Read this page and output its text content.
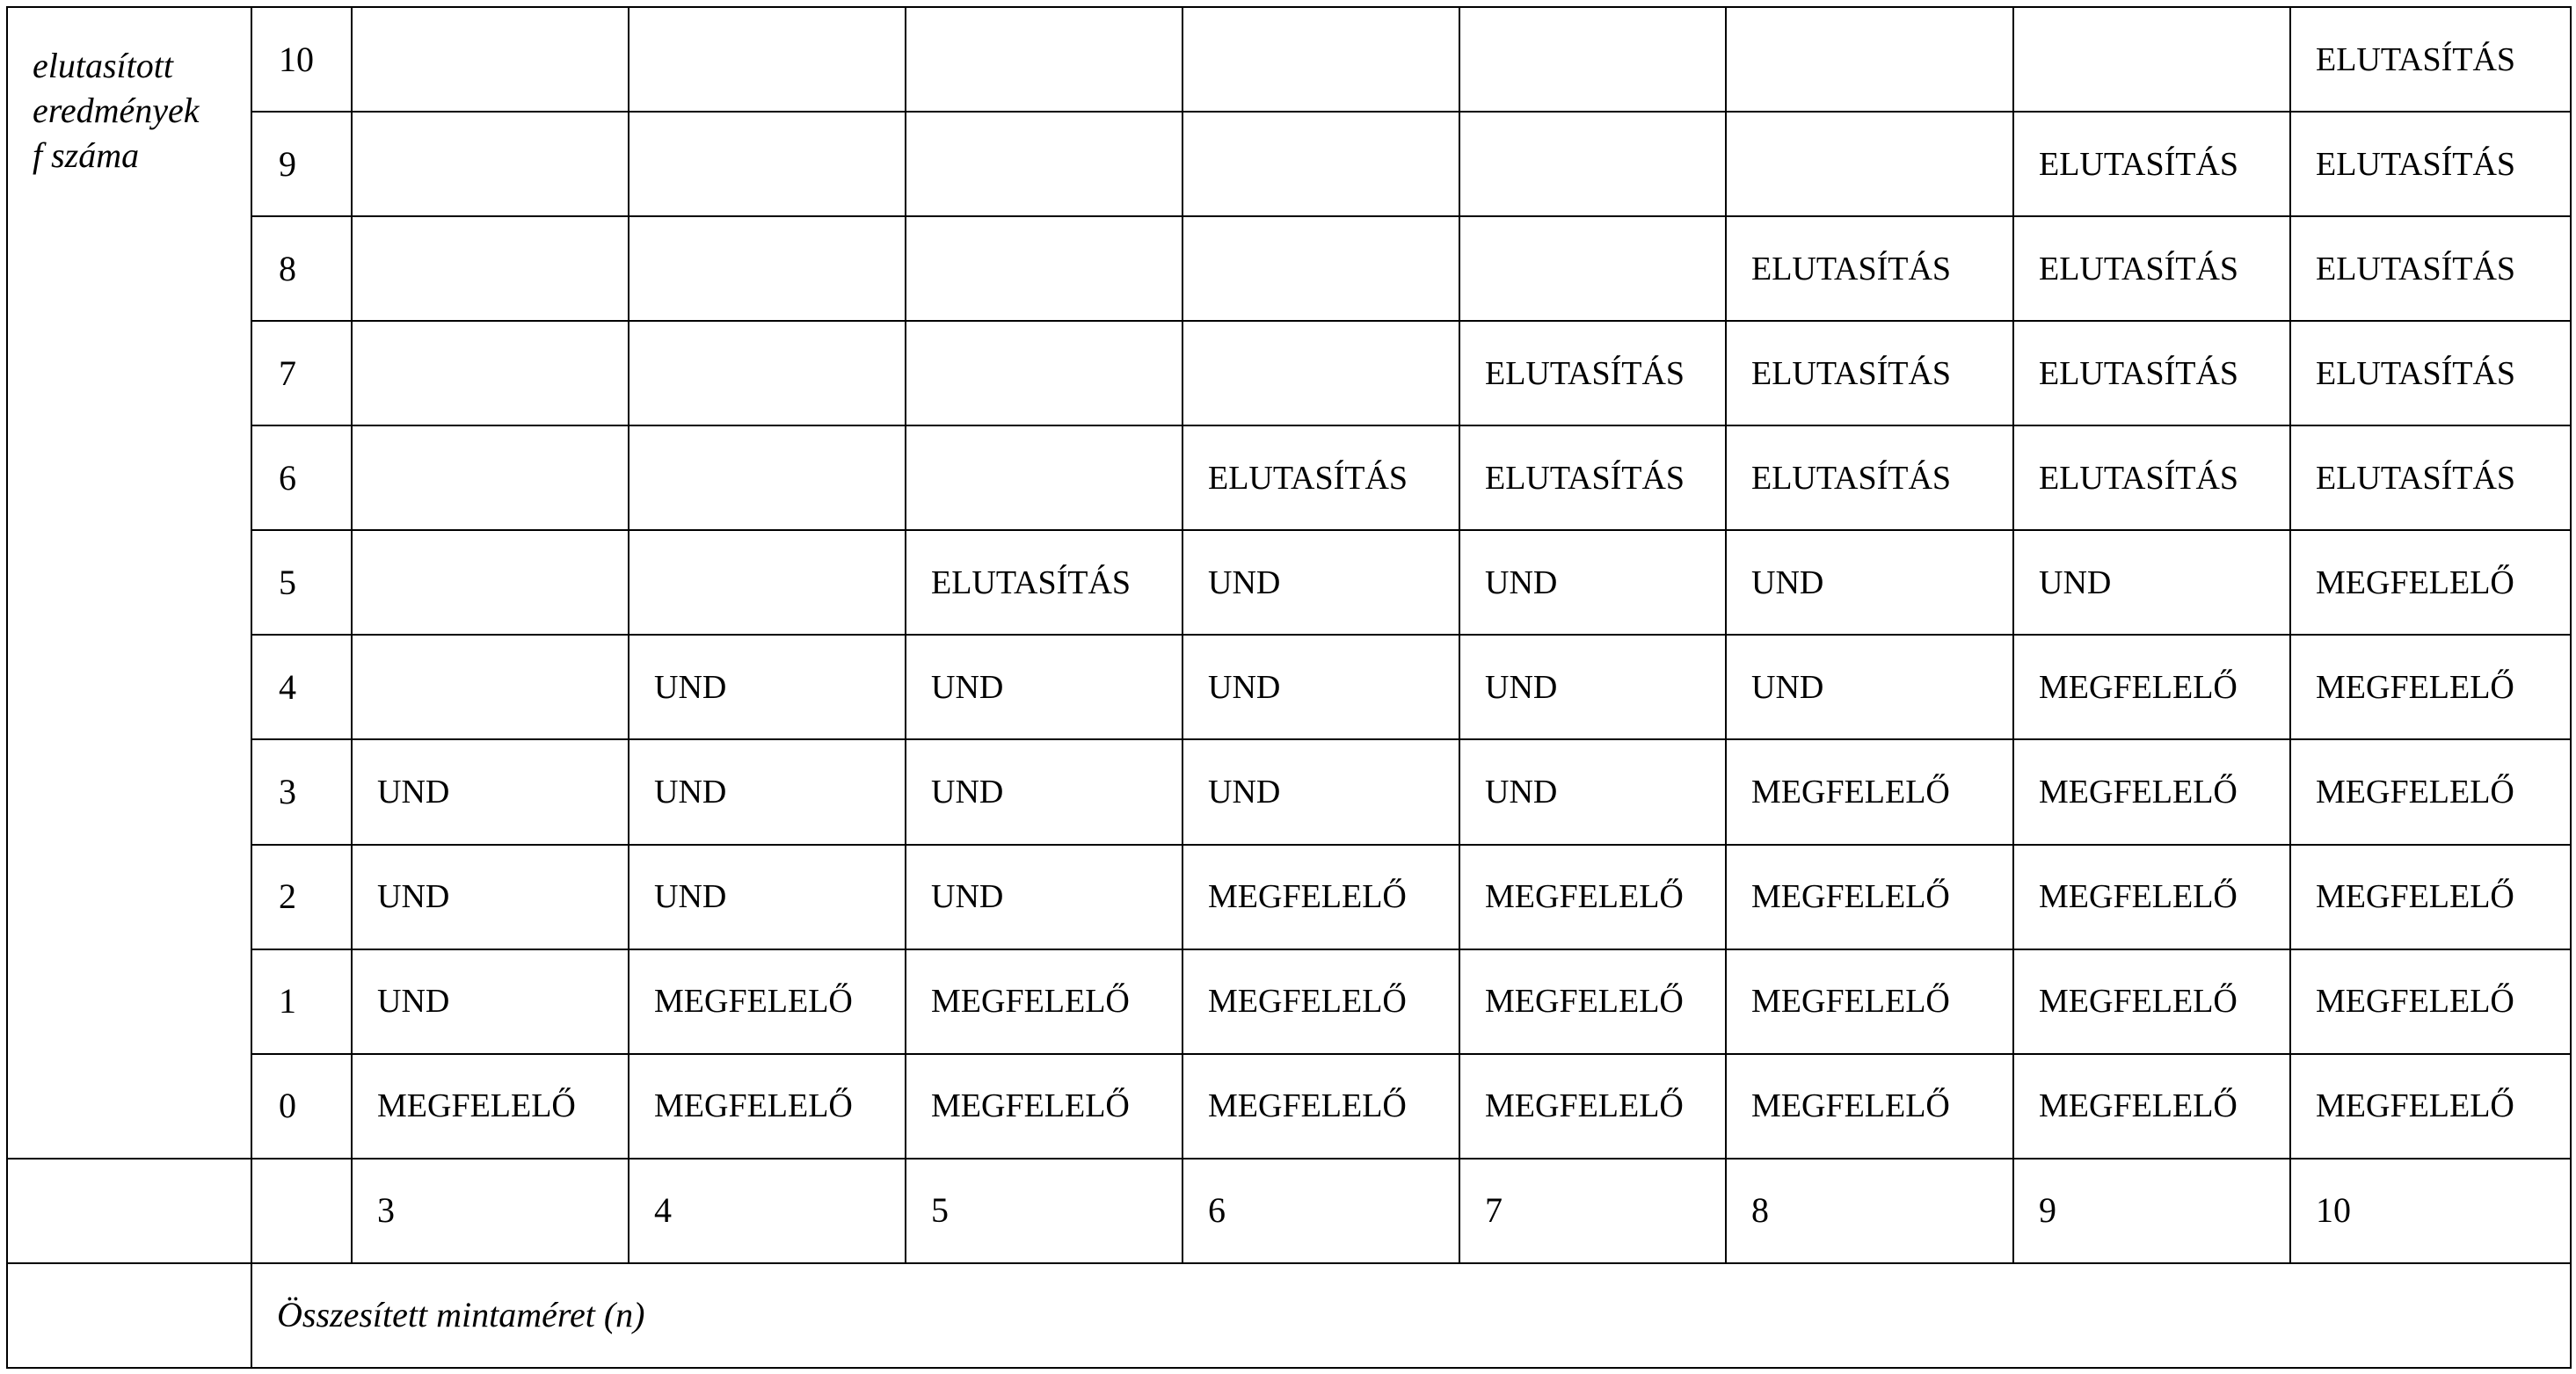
elutasított
eredmények
f száma	10								ELUTASÍTÁS
	9							ELUTASÍTÁS	ELUTASÍTÁS
	8						ELUTASÍTÁS	ELUTASÍTÁS	ELUTASÍTÁS
	7					ELUTASÍTÁS	ELUTASÍTÁS	ELUTASÍTÁS	ELUTASÍTÁS
	6				ELUTASÍTÁS	ELUTASÍTÁS	ELUTASÍTÁS	ELUTASÍTÁS	ELUTASÍTÁS
	5			ELUTASÍTÁS	UND	UND	UND	UND	MEGFELELŐ
	4		UND	UND	UND	UND	UND	MEGFELELŐ	MEGFELELŐ
	3	UND	UND	UND	UND	UND	MEGFELELŐ	MEGFELELŐ	MEGFELELŐ
	2	UND	UND	UND	MEGFELELŐ	MEGFELELŐ	MEGFELELŐ	MEGFELELŐ	MEGFELELŐ
	1	UND	MEGFELELŐ	MEGFELELŐ	MEGFELELŐ	MEGFELELŐ	MEGFELELŐ	MEGFELELŐ	MEGFELELŐ
	0	MEGFELELŐ	MEGFELELŐ	MEGFELELŐ	MEGFELELŐ	MEGFELELŐ	MEGFELELŐ	MEGFELELŐ	MEGFELELŐ
		3	4	5	6	7	8	9	10
	Összesített mintaméret (n)								
